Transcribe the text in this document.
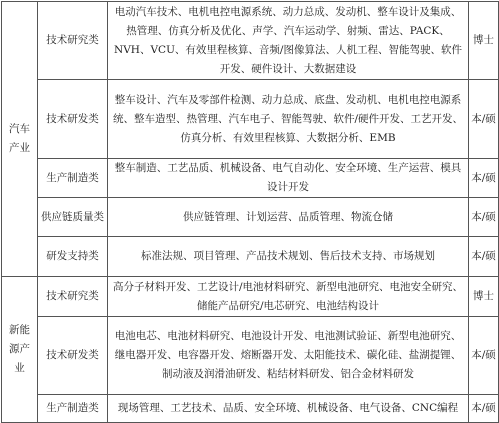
汽车产业	技术研究类	电动汽车技术、电机电控电源系统、动力总成、发动机、整车设计及集成、热管理、仿真分析及优化、声学、汽车运动学、射频、雷达、PACK、NVH、VCU、有效里程核算、音频/图像算法、人机工程、智能驾驶、软件开发、硬件设计、大数据建设	博士
	技术研发类	整车设计、汽车及零部件检测、动力总成、底盘、发动机、电机电控电源系统、整车造型、热管理、汽车电子、智能驾驶、软件/硬件开发、工艺开发、仿真分析、有效里程核算、大数据分析、EMB	本/硕
	生产制造类	整车制造、工艺品质、机械设备、电气自动化、安全环境、生产运营、模具设计开发	本/硕
	供应链质量类	供应链管理、计划运营、品质管理、物流仓储	本/硕
	研发支持类	标准法规、项目管理、产品技术规划、售后技术支持、市场规划	本/硕
新能源产业	技术研究类	高分子材料开发、工艺设计/电池材料研究、新型电池研究、电池安全研究、储能产品研究/电芯研究、电池结构设计	博士
	技术研发类	电池电芯、电池材料研究、电池设计开发、电池测试验证、新型电池研究、继电器开发、电容器开发、熔断器开发、太阳能技术、碳化硅、盐湖提锂、制动液及润滑油研发、粘结材料研发、铝合金材料研发	本/硕
	生产制造类	现场管理、工艺技术、品质、安全环境、机械设备、电气设备、CNC编程	本/硕
